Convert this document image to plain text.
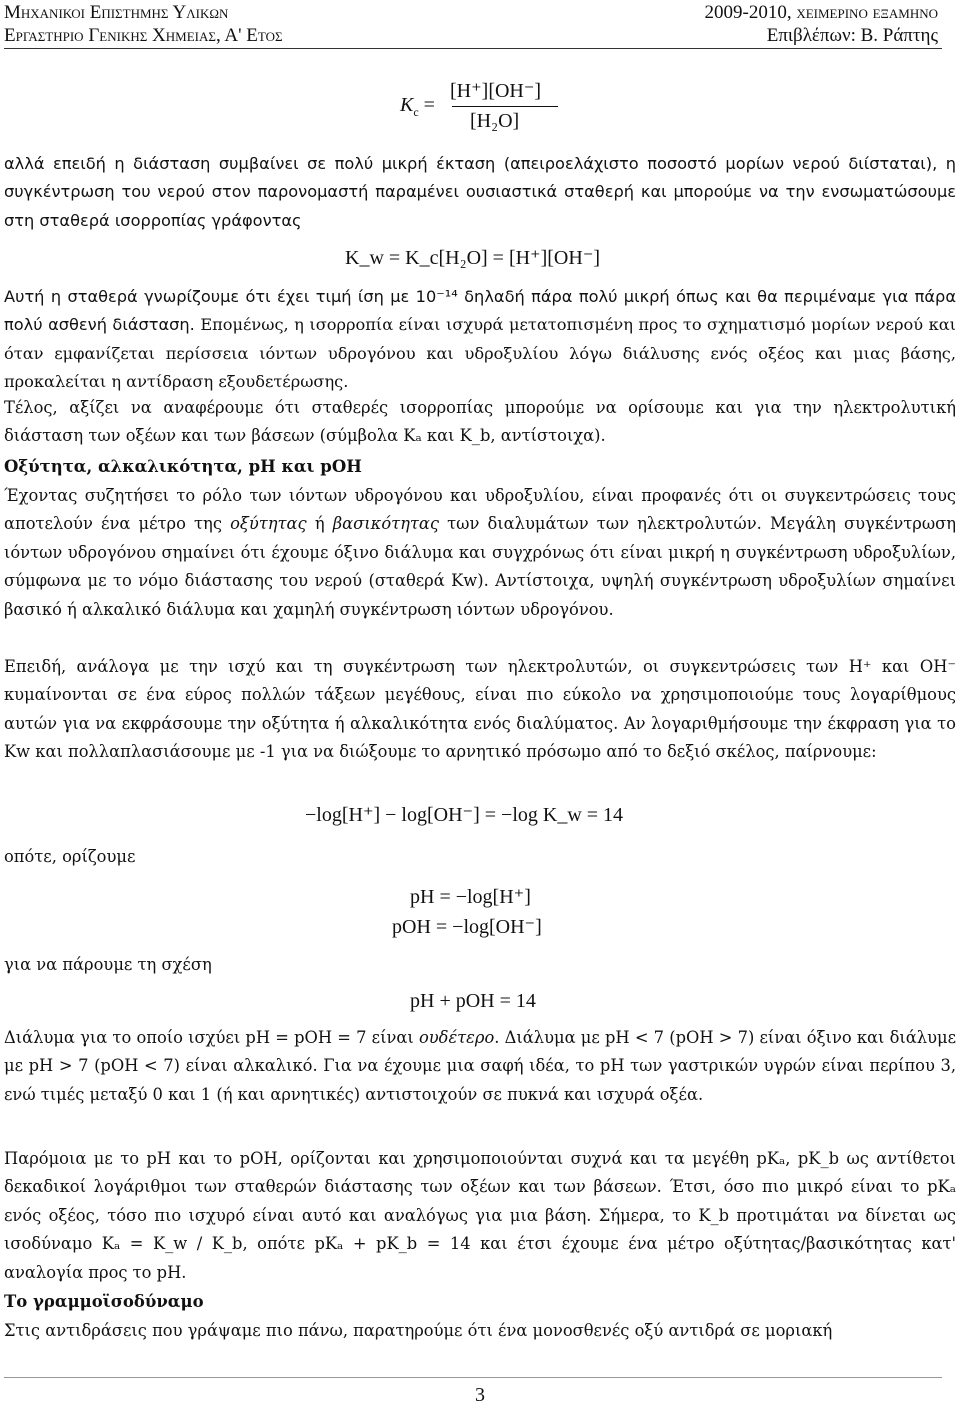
Μηχανικοι Επιστημης Υλικων	2009-2010, χειμερινο εξαμηνο
Εργαστηριο Γενικης Χημειας, Α' Ετος	Επιβλέπων: Β. Ράπτης
$K_c$ =
[H⁺][OH⁻]
[H₂O]
αλλά επειδή η διάσταση συμβαίνει σε πολύ μικρή έκταση (απειροελάχιστο ποσοστό μορίων νερού διίσταται), η συγκέντρωση του νερού στον παρονομαστή παραμένει ουσιαστικά σταθερή και μπορούμε να την ενσωματώσουμε στη σταθερά ισορροπίας γράφοντας
K_w = K_c[H₂O] = [H⁺][OH⁻]
Αυτή η σταθερά γνωρίζουμε ότι έχει τιμή ίση με 10⁻¹⁴ δηλαδή πάρα πολύ μικρή όπως και θα περιμέναμε για πάρα πολύ ασθενή διάσταση. Επομένως, η ισορροπία είναι ισχυρά μετατοπισμένη προς το σχηματισμό μορίων νερού και όταν εμφανίζεται περίσσεια ιόντων υδρογόνου και υδροξυλίου λόγω διάλυσης ενός οξέος και μιας βάσης, προκαλείται η αντίδραση εξουδετέρωσης.
Τέλος, αξίζει να αναφέρουμε ότι σταθερές ισορροπίας μπορούμε να ορίσουμε και για την ηλεκτρολυτική διάσταση των οξέων και των βάσεων (σύμβολα Kₐ και K_b, αντίστοιχα).
Οξύτητα, αλκαλικότητα, pH και pOH
Έχοντας συζητήσει το ρόλο των ιόντων υδρογόνου και υδροξυλίου, είναι προφανές ότι οι συγκεντρώσεις τους αποτελούν ένα μέτρο της οξύτητας ή βασικότητας των διαλυμάτων των ηλεκτρολυτών. Μεγάλη συγκέντρωση ιόντων υδρογόνου σημαίνει ότι έχουμε όξινο διάλυμα και συγχρόνως ότι είναι μικρή η συγκέντρωση υδροξυλίων, σύμφωνα με το νόμο διάστασης του νερού (σταθερά Kw). Αντίστοιχα, υψηλή συγκέντρωση υδροξυλίων σημαίνει βασικό ή αλκαλικό διάλυμα και χαμηλή συγκέντρωση ιόντων υδρογόνου.
Επειδή, ανάλογα με την ισχύ και τη συγκέντρωση των ηλεκτρολυτών, οι συγκεντρώσεις των H⁺ και OH⁻ κυμαίνονται σε ένα εύρος πολλών τάξεων μεγέθους, είναι πιο εύκολο να χρησιμοποιούμε τους λογαρίθμους αυτών για να εκφράσουμε την οξύτητα ή αλκαλικότητα ενός διαλύματος. Αν λογαριθμήσουμε την έκφραση για το Kw και πολλαπλασιάσουμε με -1 για να διώξουμε το αρνητικό πρόσωμο από το δεξιό σκέλος, παίρνουμε:
−log[H⁺] − log[OH⁻] = −log K_w = 14
οπότε, ορίζουμε
pH = −log[H⁺]
pOH = −log[OH⁻]
για να πάρουμε τη σχέση
pH + pOH = 14
Διάλυμα για το οποίο ισχύει pH = pOH = 7 είναι ουδέτερο. Διάλυμα με pH < 7 (pOH > 7) είναι όξινο και διάλυμε με pH > 7 (pOH < 7) είναι αλκαλικό. Για να έχουμε μια σαφή ιδέα, το pH των γαστρικών υγρών είναι περίπου 3, ενώ τιμές μεταξύ 0 και 1 (ή και αρνητικές) αντιστοιχούν σε πυκνά και ισχυρά οξέα.
Παρόμοια με το pH και το pOH, ορίζονται και χρησιμοποιούνται συχνά και τα μεγέθη pKₐ, pK_b ως αντίθετοι δεκαδικοί λογάριθμοι των σταθερών διάστασης των οξέων και των βάσεων. Έτσι, όσο πιο μικρό είναι το pKₐ ενός οξέος, τόσο πιο ισχυρό είναι αυτό και αναλόγως για μια βάση. Σήμερα, το K_b προτιμάται να δίνεται ως ισοδύναμο Kₐ = K_w / K_b, οπότε pKₐ + pK_b = 14 και έτσι έχουμε ένα μέτρο οξύτητας/βασικότητας κατ' αναλογία προς το pH.
Το γραμμοϊσοδύναμο
Στις αντιδράσεις που γράψαμε πιο πάνω, παρατηρούμε ότι ένα μονοσθενές οξύ αντιδρά σε μοριακή
3
